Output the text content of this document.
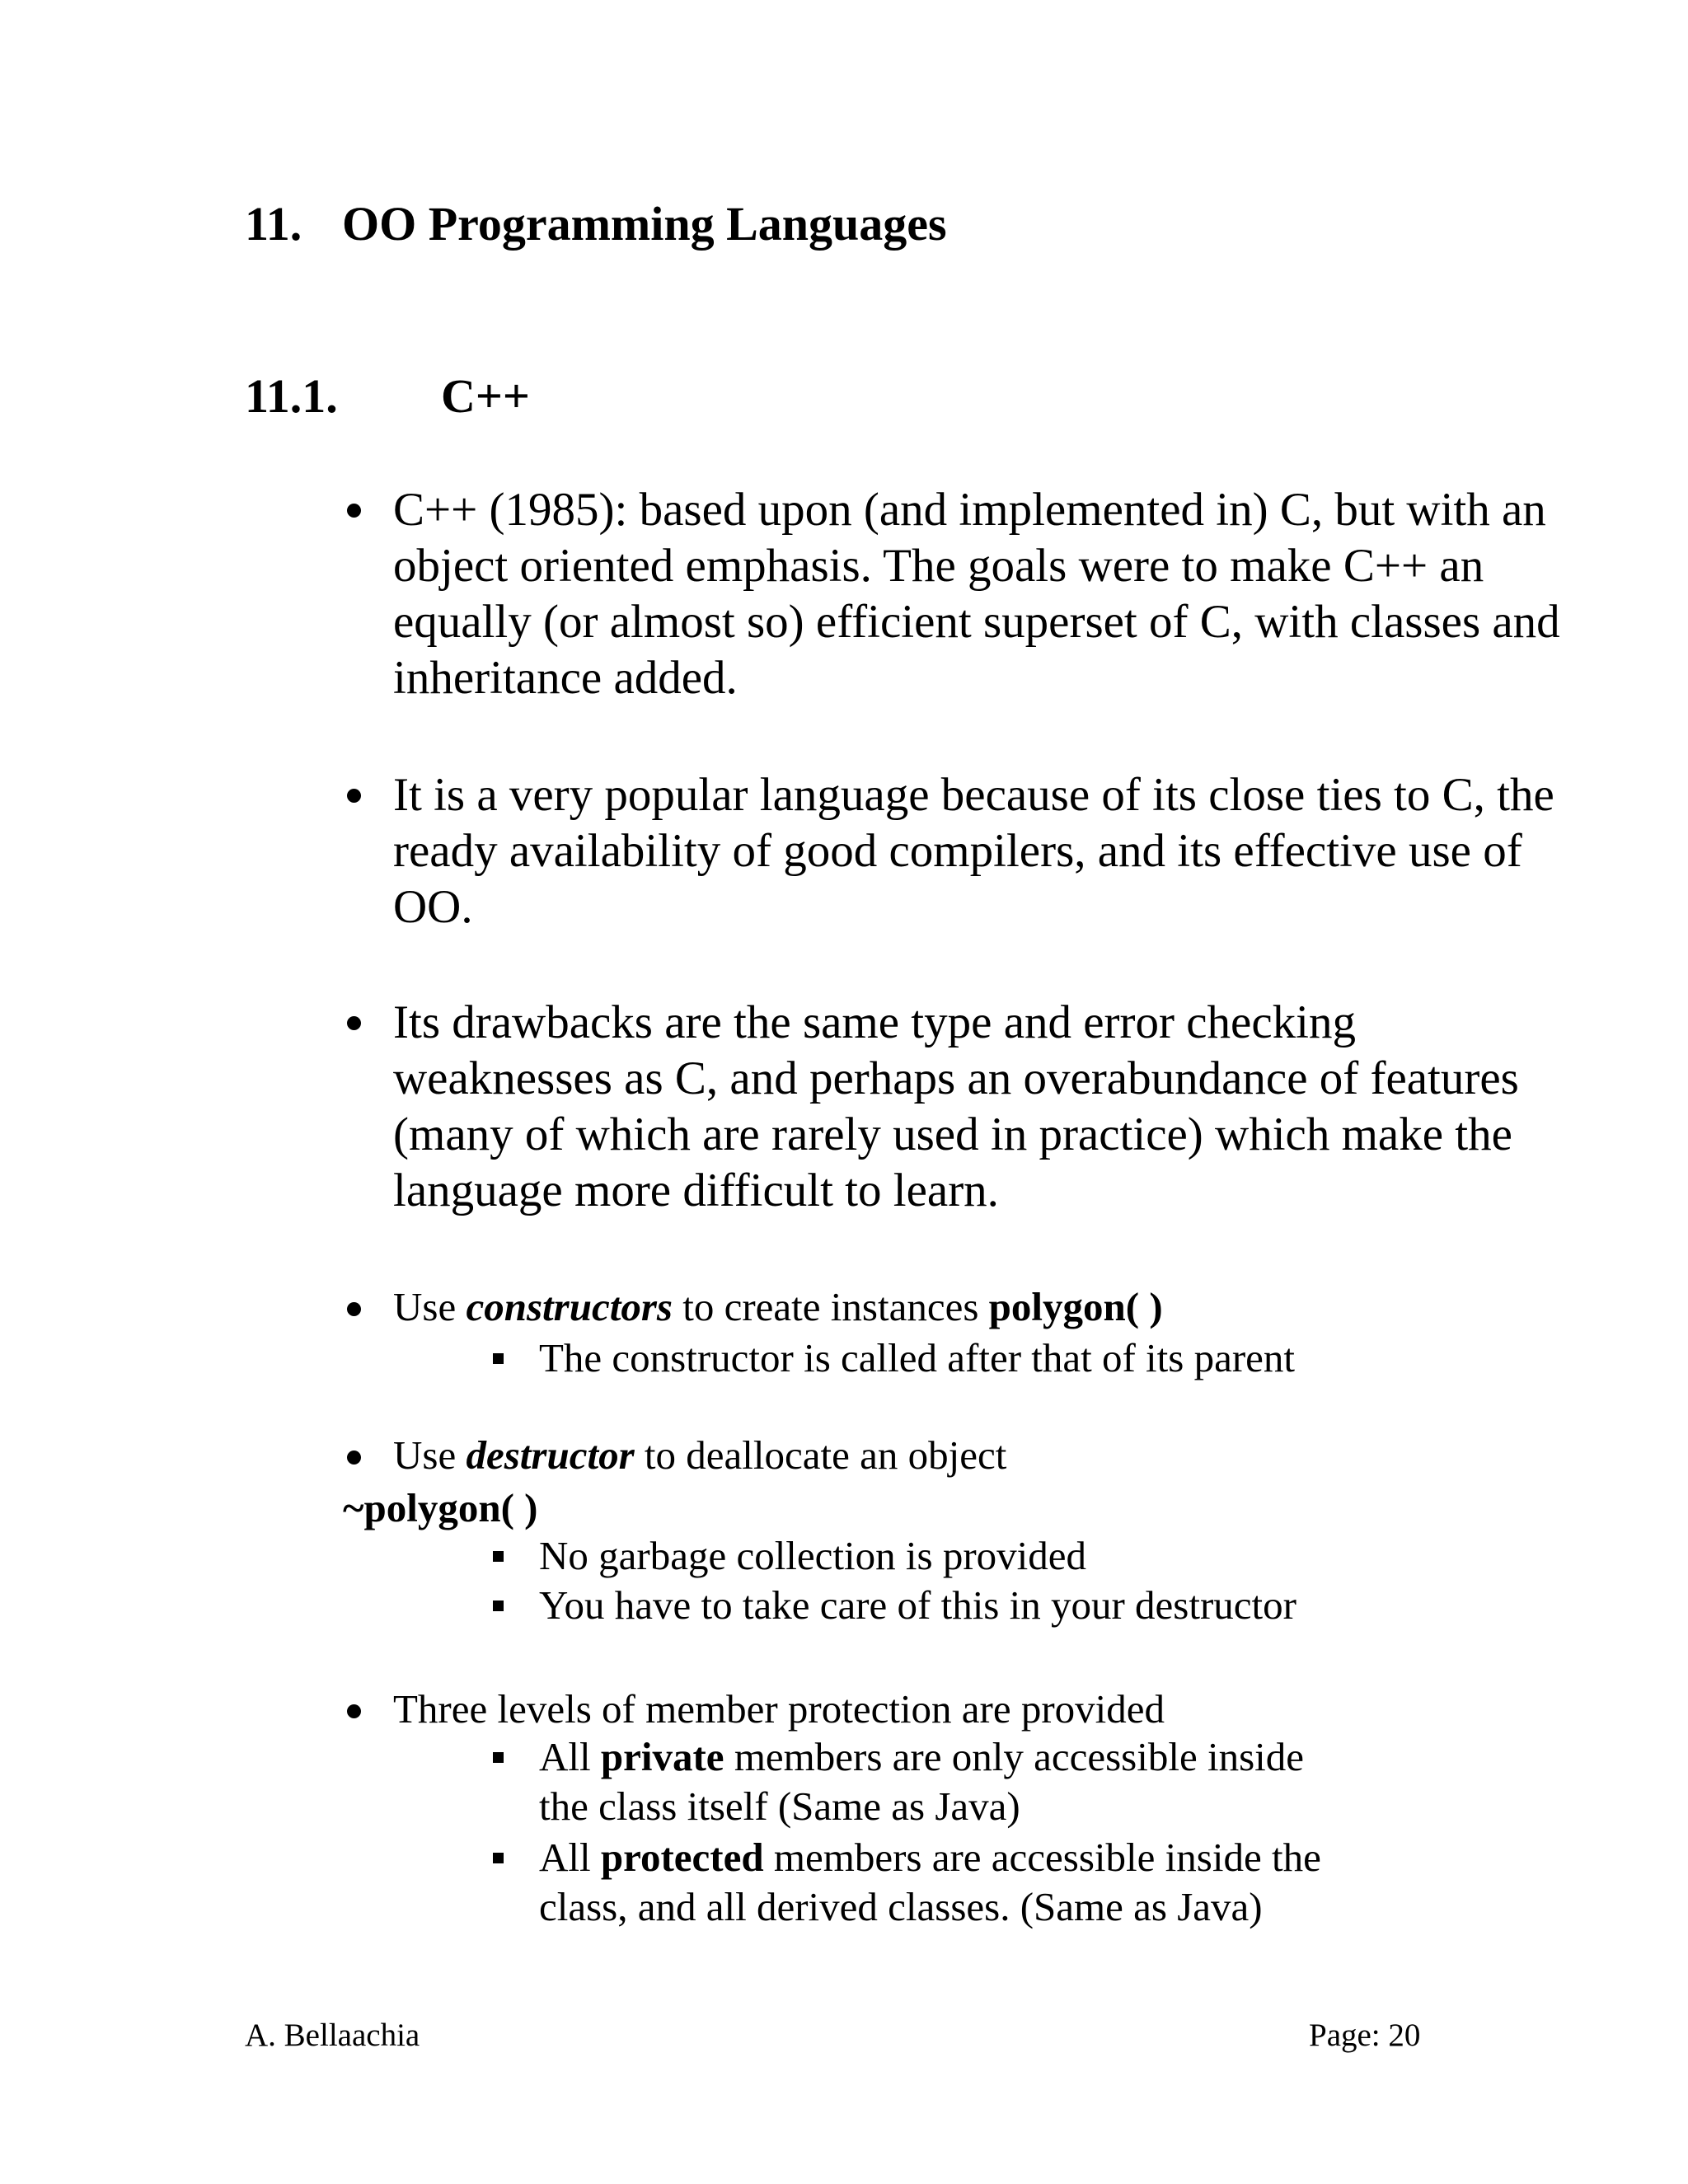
11. OO Programming Languages
11.1. C++
C++ (1985): based upon (and implemented in) C, but with an
object oriented emphasis. The goals were to make C++ an
equally (or almost so) efficient superset of C, with classes and
inheritance added.
It is a very popular language because of its close ties to C, the
ready availability of good compilers, and its effective use of
OO.
Its drawbacks are the same type and error checking
weaknesses as C, and perhaps an overabundance of features
(many of which are rarely used in practice) which make the
language more difficult to learn.
Use constructors to create instances polygon( )
The constructor is called after that of its parent
Use destructor to deallocate an object
~polygon( )
No garbage collection is provided
You have to take care of this in your destructor
Three levels of member protection are provided
All private members are only accessible inside
the class itself (Same as Java)
All protected members are accessible inside the
class, and all derived classes. (Same as Java)
A. Bellaachia	Page: 20
